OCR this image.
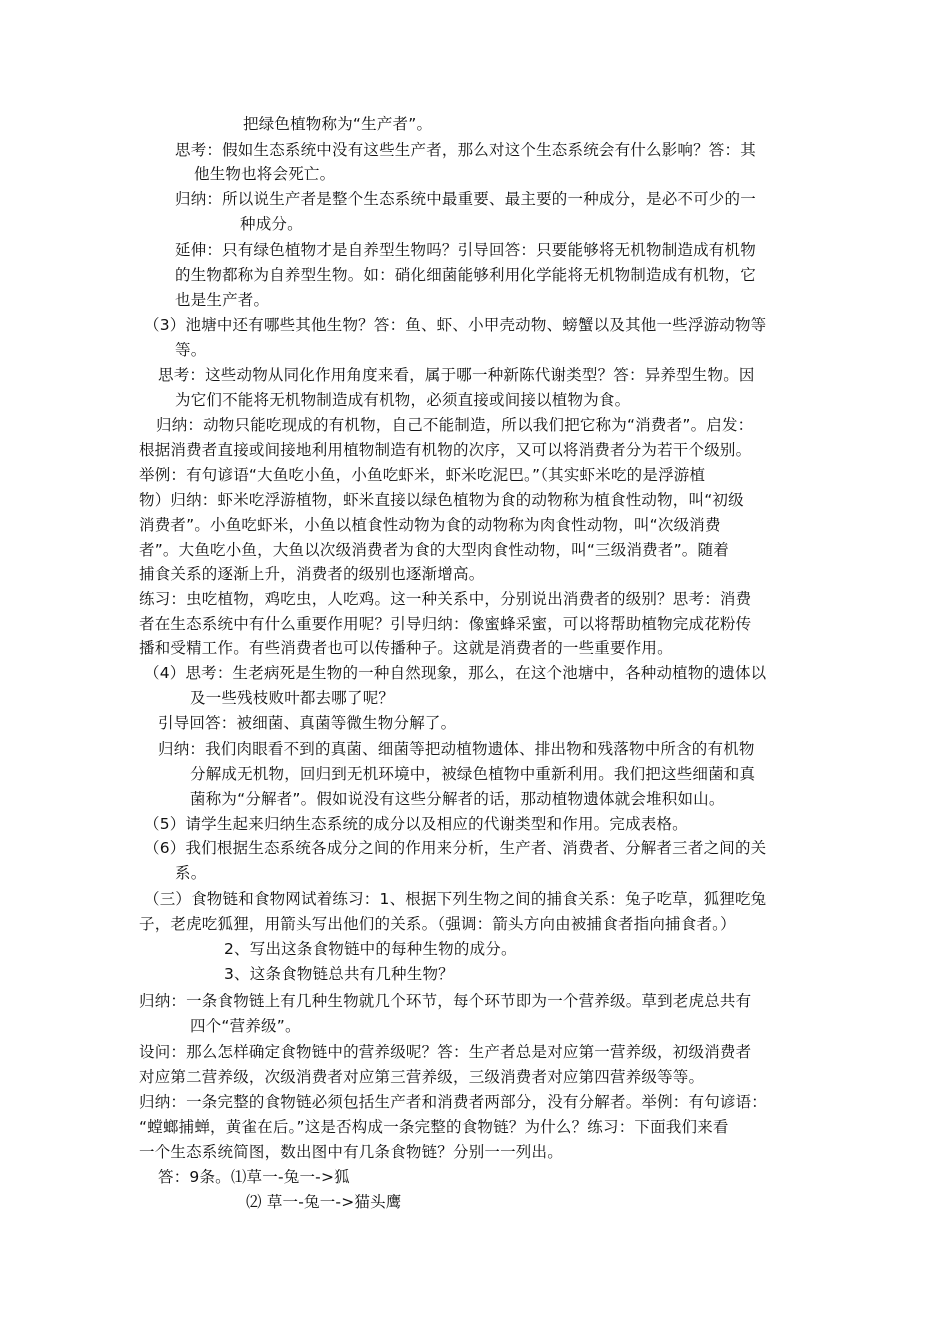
把绿色植物称为“生产者”。
思考：假如生态系统中没有这些生产者，那么对这个生态系统会有什么影响？答：其
他生物也将会死亡。
归纳：所以说生产者是整个生态系统中最重要、最主要的一种成分，是必不可少的一
种成分。
延伸：只有绿色植物才是自养型生物吗？引导回答：只要能够将无机物制造成有机物
的生物都称为自养型生物。如：硝化细菌能够利用化学能将无机物制造成有机物，它
也是生产者。
（3）池塘中还有哪些其他生物？答：鱼、虾、小甲壳动物、螃蟹以及其他一些浮游动物等
等。
思考：这些动物从同化作用角度来看，属于哪一种新陈代谢类型？答：异养型生物。因
为它们不能将无机物制造成有机物，必须直接或间接以植物为食。
归纳：动物只能吃现成的有机物，自己不能制造，所以我们把它称为“消费者”。启发：
根据消费者直接或间接地利用植物制造有机物的次序，又可以将消费者分为若干个级别。
举例：有句谚语“大鱼吃小鱼，小鱼吃虾米，虾米吃泥巴。”（其实虾米吃的是浮游植
物）归纳：虾米吃浮游植物，虾米直接以绿色植物为食的动物称为植食性动物，叫“初级
消费者”。小鱼吃虾米，小鱼以植食性动物为食的动物称为肉食性动物，叫“次级消费
者”。大鱼吃小鱼，大鱼以次级消费者为食的大型肉食性动物，叫“三级消费者”。随着
捕食关系的逐渐上升，消费者的级别也逐渐增高。
练习：虫吃植物，鸡吃虫，人吃鸡。这一种关系中，分别说出消费者的级别？思考：消费
者在生态系统中有什么重要作用呢？引导归纳：像蜜蜂采蜜，可以将帮助植物完成花粉传
播和受精工作。有些消费者也可以传播种子。这就是消费者的一些重要作用。
（4）思考：生老病死是生物的一种自然现象，那么，在这个池塘中，各种动植物的遗体以
及一些残枝败叶都去哪了呢？
引导回答：被细菌、真菌等微生物分解了。
归纳：我们肉眼看不到的真菌、细菌等把动植物遗体、排出物和残落物中所含的有机物
分解成无机物，回归到无机环境中，被绿色植物中重新利用。我们把这些细菌和真
菌称为“分解者”。假如说没有这些分解者的话，那动植物遗体就会堆积如山。
（5）请学生起来归纳生态系统的成分以及相应的代谢类型和作用。完成表格。
（6）我们根据生态系统各成分之间的作用来分析，生产者、消费者、分解者三者之间的关
系。
（三）食物链和食物网试着练习：1、根据下列生物之间的捕食关系：兔子吃草，狐狸吃兔
子，老虎吃狐狸，用箭头写出他们的关系。（强调：箭头方向由被捕食者指向捕食者。）
2、写出这条食物链中的每种生物的成分。
3、这条食物链总共有几种生物？
归纳：一条食物链上有几种生物就几个环节，每个环节即为一个营养级。草到老虎总共有
四个“营养级”。
设问：那么怎样确定食物链中的营养级呢？答：生产者总是对应第一营养级，初级消费者
对应第二营养级，次级消费者对应第三营养级，三级消费者对应第四营养级等等。
归纳：一条完整的食物链必须包括生产者和消费者两部分，没有分解者。举例：有句谚语：
“螳螂捕蝉，黄雀在后。”这是否构成一条完整的食物链？为什么？练习：下面我们来看
一个生态系统简图，数出图中有几条食物链？分别一一列出。
答：9条。⑴草一-兔一->狐
⑵ 草一-兔一->猫头鹰
